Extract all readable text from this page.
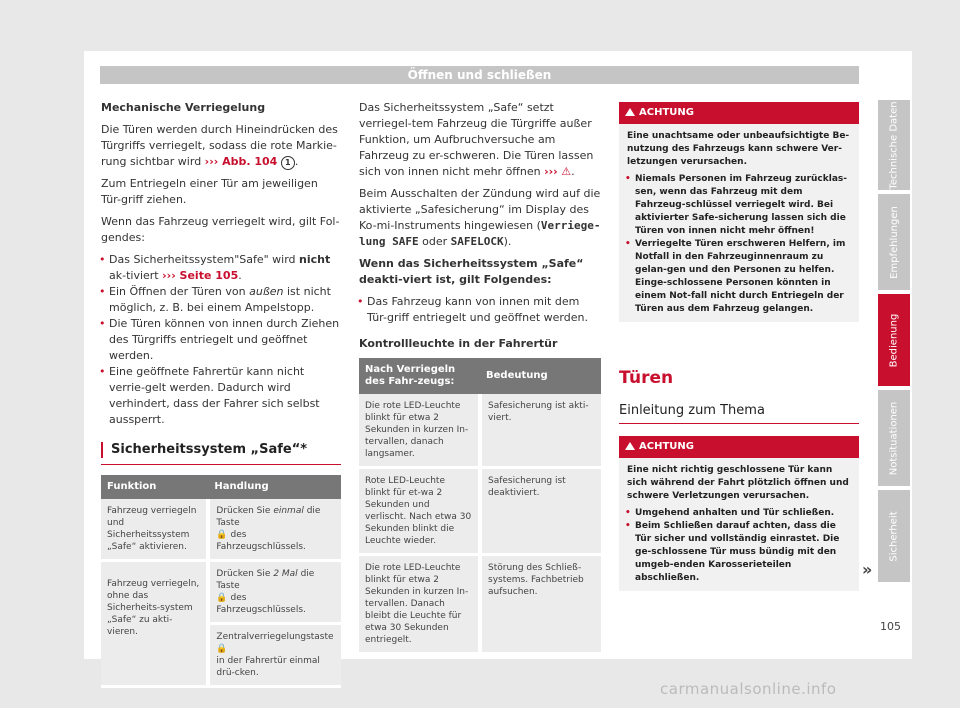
Öffnen und schließen

Mechanische Verriegelung

Die Türen werden durch Hineindrücken des Türgriffs verriegelt, sodass die rote Markie-rung sichtbar wird ››› Abb. 104 1 .

Zum Entriegeln einer Tür am jeweiligen Tür-griff ziehen.

Wenn das Fahrzeug verriegelt wird, gilt Fol-gendes:

• Das Sicherheitssystem"Safe" wird nicht ak-tiviert ››› Seite 105.
• Ein Öffnen der Türen von außen ist nicht möglich, z. B. bei einem Ampelstopp.
• Die Türen können von innen durch Ziehen des Türgriffs entriegelt und geöffnet werden.
• Eine geöffnete Fahrertür kann nicht verrie-gelt werden. Dadurch wird verhindert, dass der Fahrer sich selbst aussperrt.
Sicherheitssystem „Safe“*
Funktion	Handlung
Fahrzeug verriegeln und Sicherheitssystem „Safe“ aktivieren.	Drücken Sie einmal die Taste
🔒 des Fahrzeugschlüssels.
Fahrzeug verriegeln, ohne das Sicherheits-system „Safe“ zu akti-vieren.	Drücken Sie 2 Mal die Taste
🔒 des Fahrzeugschlüssels.
Zentralverriegelungstaste 🔒
in der Fahrertür einmal drü-cken.

Das Sicherheitssystem „Safe“ setzt verriegel-tem Fahrzeug die Türgriffe außer Funktion, um Aufbruchversuche am Fahrzeug zu er-schweren. Die Türen lassen sich von innen nicht mehr öffnen ››› ⚠.

Beim Ausschalten der Zündung wird auf die aktivierte „Safesicherung“ im Display des Ko-mi-Instruments hingewiesen (Verriege-lung SAFE oder SAFELOCK).

Wenn das Sicherheitssystem „Safe“ deakti-viert ist, gilt Folgendes:

• Das Fahrzeug kann von innen mit dem Tür-griff entriegelt und geöffnet werden.

Kontrollleuchte in der Fahrertür

Nach Verriegeln des Fahr-zeugs:	Bedeutung
Die rote LED-Leuchte blinkt für etwa 2 Sekunden in kurzen In-tervallen, danach langsamer.	Safesicherung ist akti-viert.
Rote LED-Leuchte blinkt für et-wa 2 Sekunden und verlischt. Nach etwa 30 Sekunden blinkt die Leuchte wieder.	Safesicherung ist deaktiviert.
Die rote LED-Leuchte blinkt für etwa 2 Sekunden in kurzen In-tervallen. Danach bleibt die Leuchte für etwa 30 Sekunden entriegelt.	Störung des Schließ-systems. Fachbetrieb aufsuchen.
ACHTUNG

Eine unachtsame oder unbeaufsichtigte Be-nutzung des Fahrzeugs kann schwere Ver-letzungen verursachen.

• Niemals Personen im Fahrzeug zurücklas-sen, wenn das Fahrzeug mit dem Fahrzeug-schlüssel verriegelt wird. Bei aktivierter Safe-sicherung lassen sich die Türen von innen nicht mehr öffnen!
• Verriegelte Türen erschweren Helfern, im Notfall in den Fahrzeuginnenraum zu gelan-gen und den Personen zu helfen. Einge-schlossene Personen könnten in einem Not-fall nicht durch Entriegeln der Türen aus dem Fahrzeug gelangen.
Türen
Einleitung zum Thema
ACHTUNG

Eine nicht richtig geschlossene Tür kann sich während der Fahrt plötzlich öffnen und schwere Verletzungen verursachen.

• Umgehend anhalten und Tür schließen.
• Beim Schließen darauf achten, dass die Tür sicher und vollständig einrastet. Die ge-schlossene Tür muss bündig mit den umgeb-enden Karosserieteilen abschließen.	»
Technische Daten
Empfehlungen
Bedienung
Notsituationen
Sicherheit
105
carmanualsonline.info
